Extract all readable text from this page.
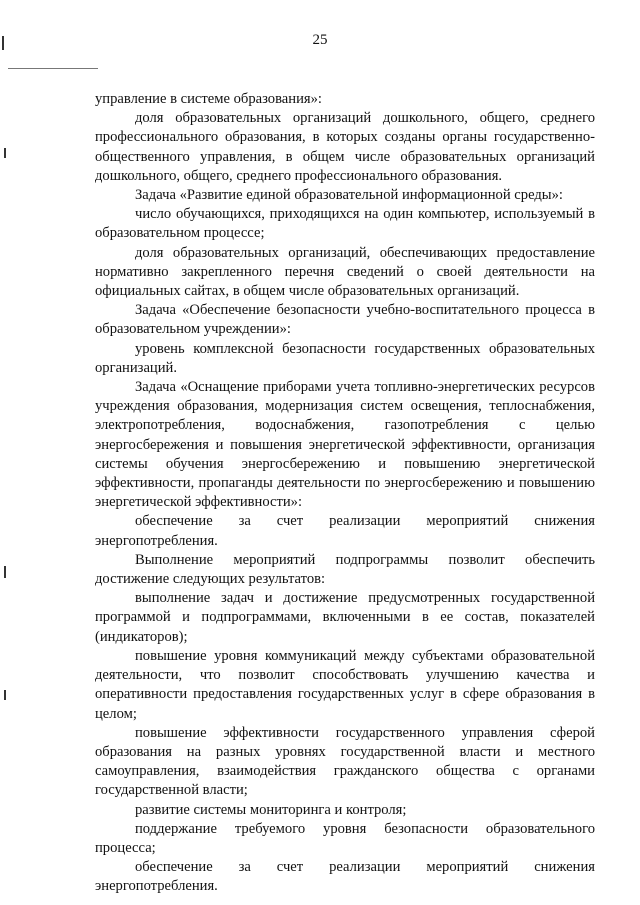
25

управление в системе образования»:

доля образовательных организаций дошкольного, общего, среднего профессионального образования, в которых созданы органы государственно-общественного управления, в общем числе образовательных организаций дошкольного, общего, среднего профессионального образования.

Задача «Развитие единой образовательной информационной среды»:

число обучающихся, приходящихся на один компьютер, используемый в образовательном процессе;

доля образовательных организаций, обеспечивающих предоставление нормативно закрепленного перечня сведений о своей деятельности на официальных сайтах, в общем числе образовательных организаций.

Задача «Обеспечение безопасности учебно-воспитательного процесса в образовательном учреждении»:

уровень комплексной безопасности государственных образовательных организаций.

Задача «Оснащение приборами учета топливно-энергетических ресурсов учреждения образования, модернизация систем освещения, теплоснабжения, электропотребления, водоснабжения, газопотребления с целью энергосбережения и повышения энергетической эффективности, организация системы обучения энергосбережению и повышению энергетической эффективности, пропаганды деятельности по энергосбережению и повышению энергетической эффективности»:

обеспечение за счет реализации мероприятий снижения энергопотребления.

Выполнение мероприятий подпрограммы позволит обеспечить достижение следующих результатов:

выполнение задач и достижение предусмотренных государственной программой и подпрограммами, включенными в ее состав, показателей (индикаторов);

повышение уровня коммуникаций между субъектами образовательной деятельности, что позволит способствовать улучшению качества и оперативности предоставления государственных услуг в сфере образования в целом;

повышение эффективности государственного управления сферой образования на разных уровнях государственной власти и местного самоуправления, взаимодействия гражданского общества с органами государственной власти;

развитие системы мониторинга и контроля;

поддержание требуемого уровня безопасности образовательного процесса;

обеспечение за счет реализации мероприятий снижения энергопотребления.
